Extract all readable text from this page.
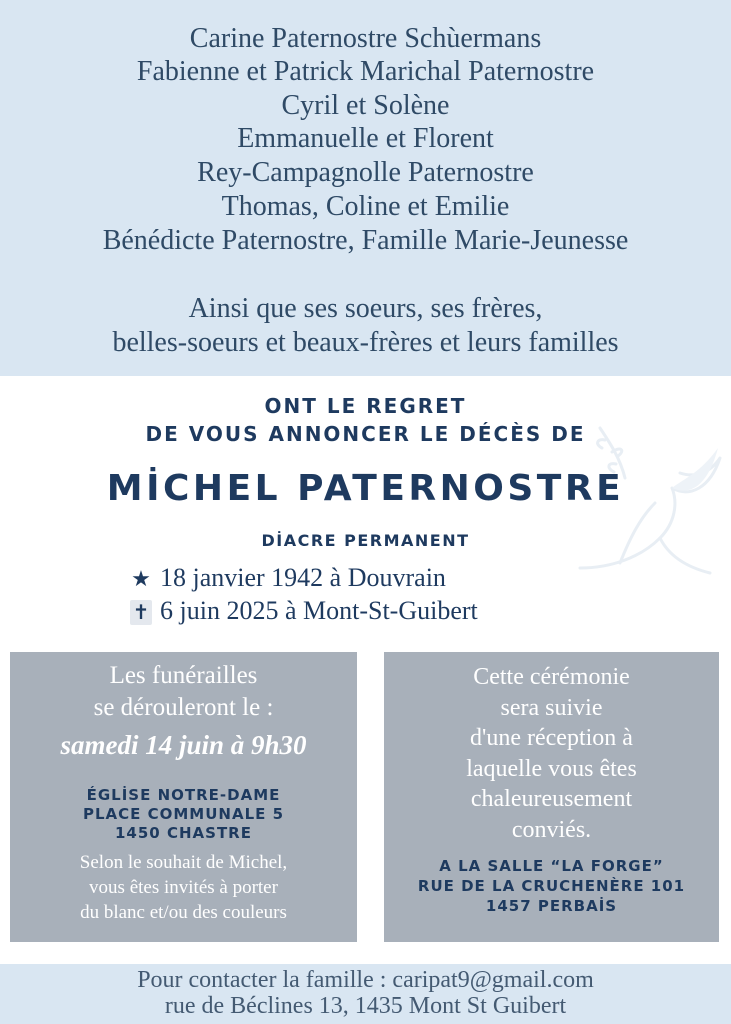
Carine Paternostre Schùermans
Fabienne et Patrick Marichal Paternostre
Cyril et Solène
Emmanuelle et Florent
Rey-Campagnolle Paternostre
Thomas, Coline et Emilie
Bénédicte Paternostre, Famille Marie-Jeunesse
Ainsi que ses soeurs, ses frères,
belles-soeurs et beaux-frères et leurs familles
ONT LE REGRET
DE VOUS ANNONCER LE DÉCÈS DE
MİCHEL PATERNOSTRE
DİACRE PERMANENT
★ 18 janvier 1942 à Douvrain
✝ 6 juin 2025 à Mont-St-Guibert
Les funérailles
se dérouleront le :
samedi 14 juin à 9h30
ÉGLİSE NOTRE-DAME
PLACE COMMUNALE 5
1450 CHASTRE
Selon le souhait de Michel,
vous êtes invités à porter
du blanc et/ou des couleurs
Cette cérémonie
sera suivie
d'une réception à
laquelle vous êtes
chaleureusement
conviés.
A LA SALLE “LA FORGE”
RUE DE LA CRUCHENÈRE 101
1457 PERBAİS
Pour contacter la famille : caripat9@gmail.com
rue de Béclines 13, 1435 Mont St Guibert
